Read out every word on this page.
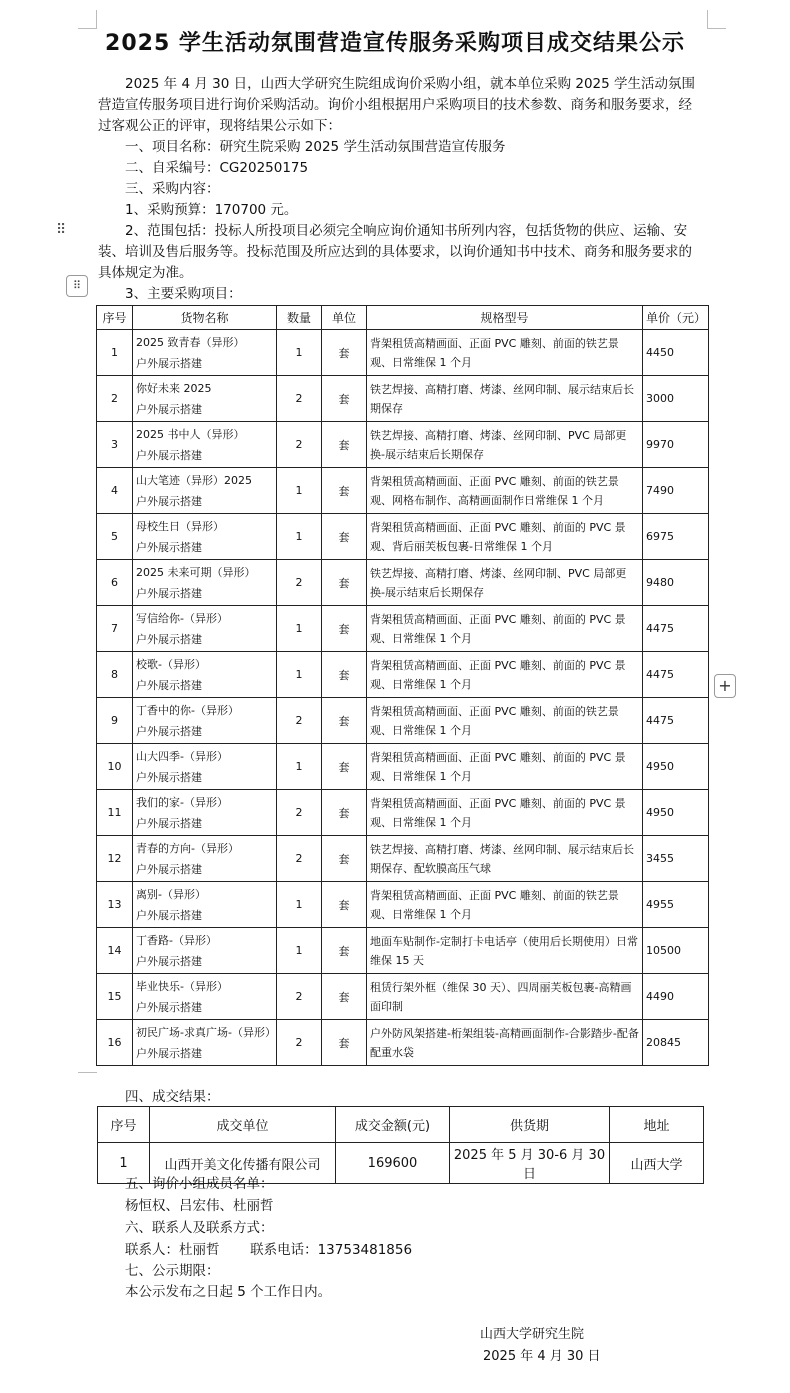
2025 学生活动氛围营造宣传服务采购项目成交结果公示
2025 年 4 月 30 日，山西大学研究生院组成询价采购小组，就本单位采购 2025 学生活动氛围营造宣传服务项目进行询价采购活动。询价小组根据用户采购项目的技术参数、商务和服务要求，经过客观公正的评审，现将结果公示如下：
一、项目名称：研究生院采购 2025 学生活动氛围营造宣传服务
二、自采编号：CG20250175
三、采购内容：
1、采购预算：170700 元。
2、范围包括：投标人所投项目必须完全响应询价通知书所列内容，包括货物的供应、运输、安装、培训及售后服务等。投标范围及所应达到的具体要求，以询价通知书中技术、商务和服务要求的具体规定为准。
3、主要采购项目：
⠿
⠿
+
序号	货物名称	数量	单位	规格型号	单价（元）
1	2025 致青春（异形）
户外展示搭建	1	套	背架租赁高精画面、正面 PVC 雕刻、前面的铁艺景观、日常维保 1 个月	4450
2	你好未来 2025
户外展示搭建	2	套	铁艺焊接、高精打磨、烤漆、丝网印制、展示结束后长期保存	3000
3	2025 书中人（异形）
户外展示搭建	2	套	铁艺焊接、高精打磨、烤漆、丝网印制、PVC 局部更换-展示结束后长期保存	9970
4	山大笔迹（异形）2025
户外展示搭建	1	套	背架租赁高精画面、正面 PVC 雕刻、前面的铁艺景观、网格布制作、高精画面制作日常维保 1 个月	7490
5	母校生日（异形）
户外展示搭建	1	套	背架租赁高精画面、正面 PVC 雕刻、前面的 PVC 景观、背后丽芙板包裹-日常维保 1 个月	6975
6	2025 未来可期（异形）
户外展示搭建	2	套	铁艺焊接、高精打磨、烤漆、丝网印制、PVC 局部更换-展示结束后长期保存	9480
7	写信给你-（异形）
户外展示搭建	1	套	背架租赁高精画面、正面 PVC 雕刻、前面的 PVC 景观、日常维保 1 个月	4475
8	校歌-（异形）
户外展示搭建	1	套	背架租赁高精画面、正面 PVC 雕刻、前面的 PVC 景观、日常维保 1 个月	4475
9	丁香中的你-（异形）
户外展示搭建	2	套	背架租赁高精画面、正面 PVC 雕刻、前面的铁艺景观、日常维保 1 个月	4475
10	山大四季-（异形）
户外展示搭建	1	套	背架租赁高精画面、正面 PVC 雕刻、前面的 PVC 景观、日常维保 1 个月	4950
11	我们的家-（异形）
户外展示搭建	2	套	背架租赁高精画面、正面 PVC 雕刻、前面的 PVC 景观、日常维保 1 个月	4950
12	青春的方向-（异形）
户外展示搭建	2	套	铁艺焊接、高精打磨、烤漆、丝网印制、展示结束后长期保存、配软膜高压气球	3455
13	离别-（异形）
户外展示搭建	1	套	背架租赁高精画面、正面 PVC 雕刻、前面的铁艺景观、日常维保 1 个月	4955
14	丁香路-（异形）
户外展示搭建	1	套	地面车贴制作-定制打卡电话亭（使用后长期使用）日常维保 15 天	10500
15	毕业快乐-（异形）
户外展示搭建	2	套	租赁行架外框（维保 30 天）、四周丽芙板包裹-高精画面印制	4490
16	初民广场-求真广场-（异形）户外展示搭建	2	套	户外防风架搭建-桁架组装-高精画面制作-合影踏步-配备配重水袋	20845
四、成交结果：
序号	成交单位	成交金额(元)	供货期	地址
1	山西开美文化传播有限公司	169600	2025 年 5 月 30-6 月 30 日	山西大学
五、询价小组成员名单：
杨恒权、吕宏伟、杜丽哲
六、联系人及联系方式：
联系人：杜丽哲 联系电话：13753481856
七、公示期限：
本公示发布之日起 5 个工作日内。
山西大学研究生院
2025 年 4 月 30 日
